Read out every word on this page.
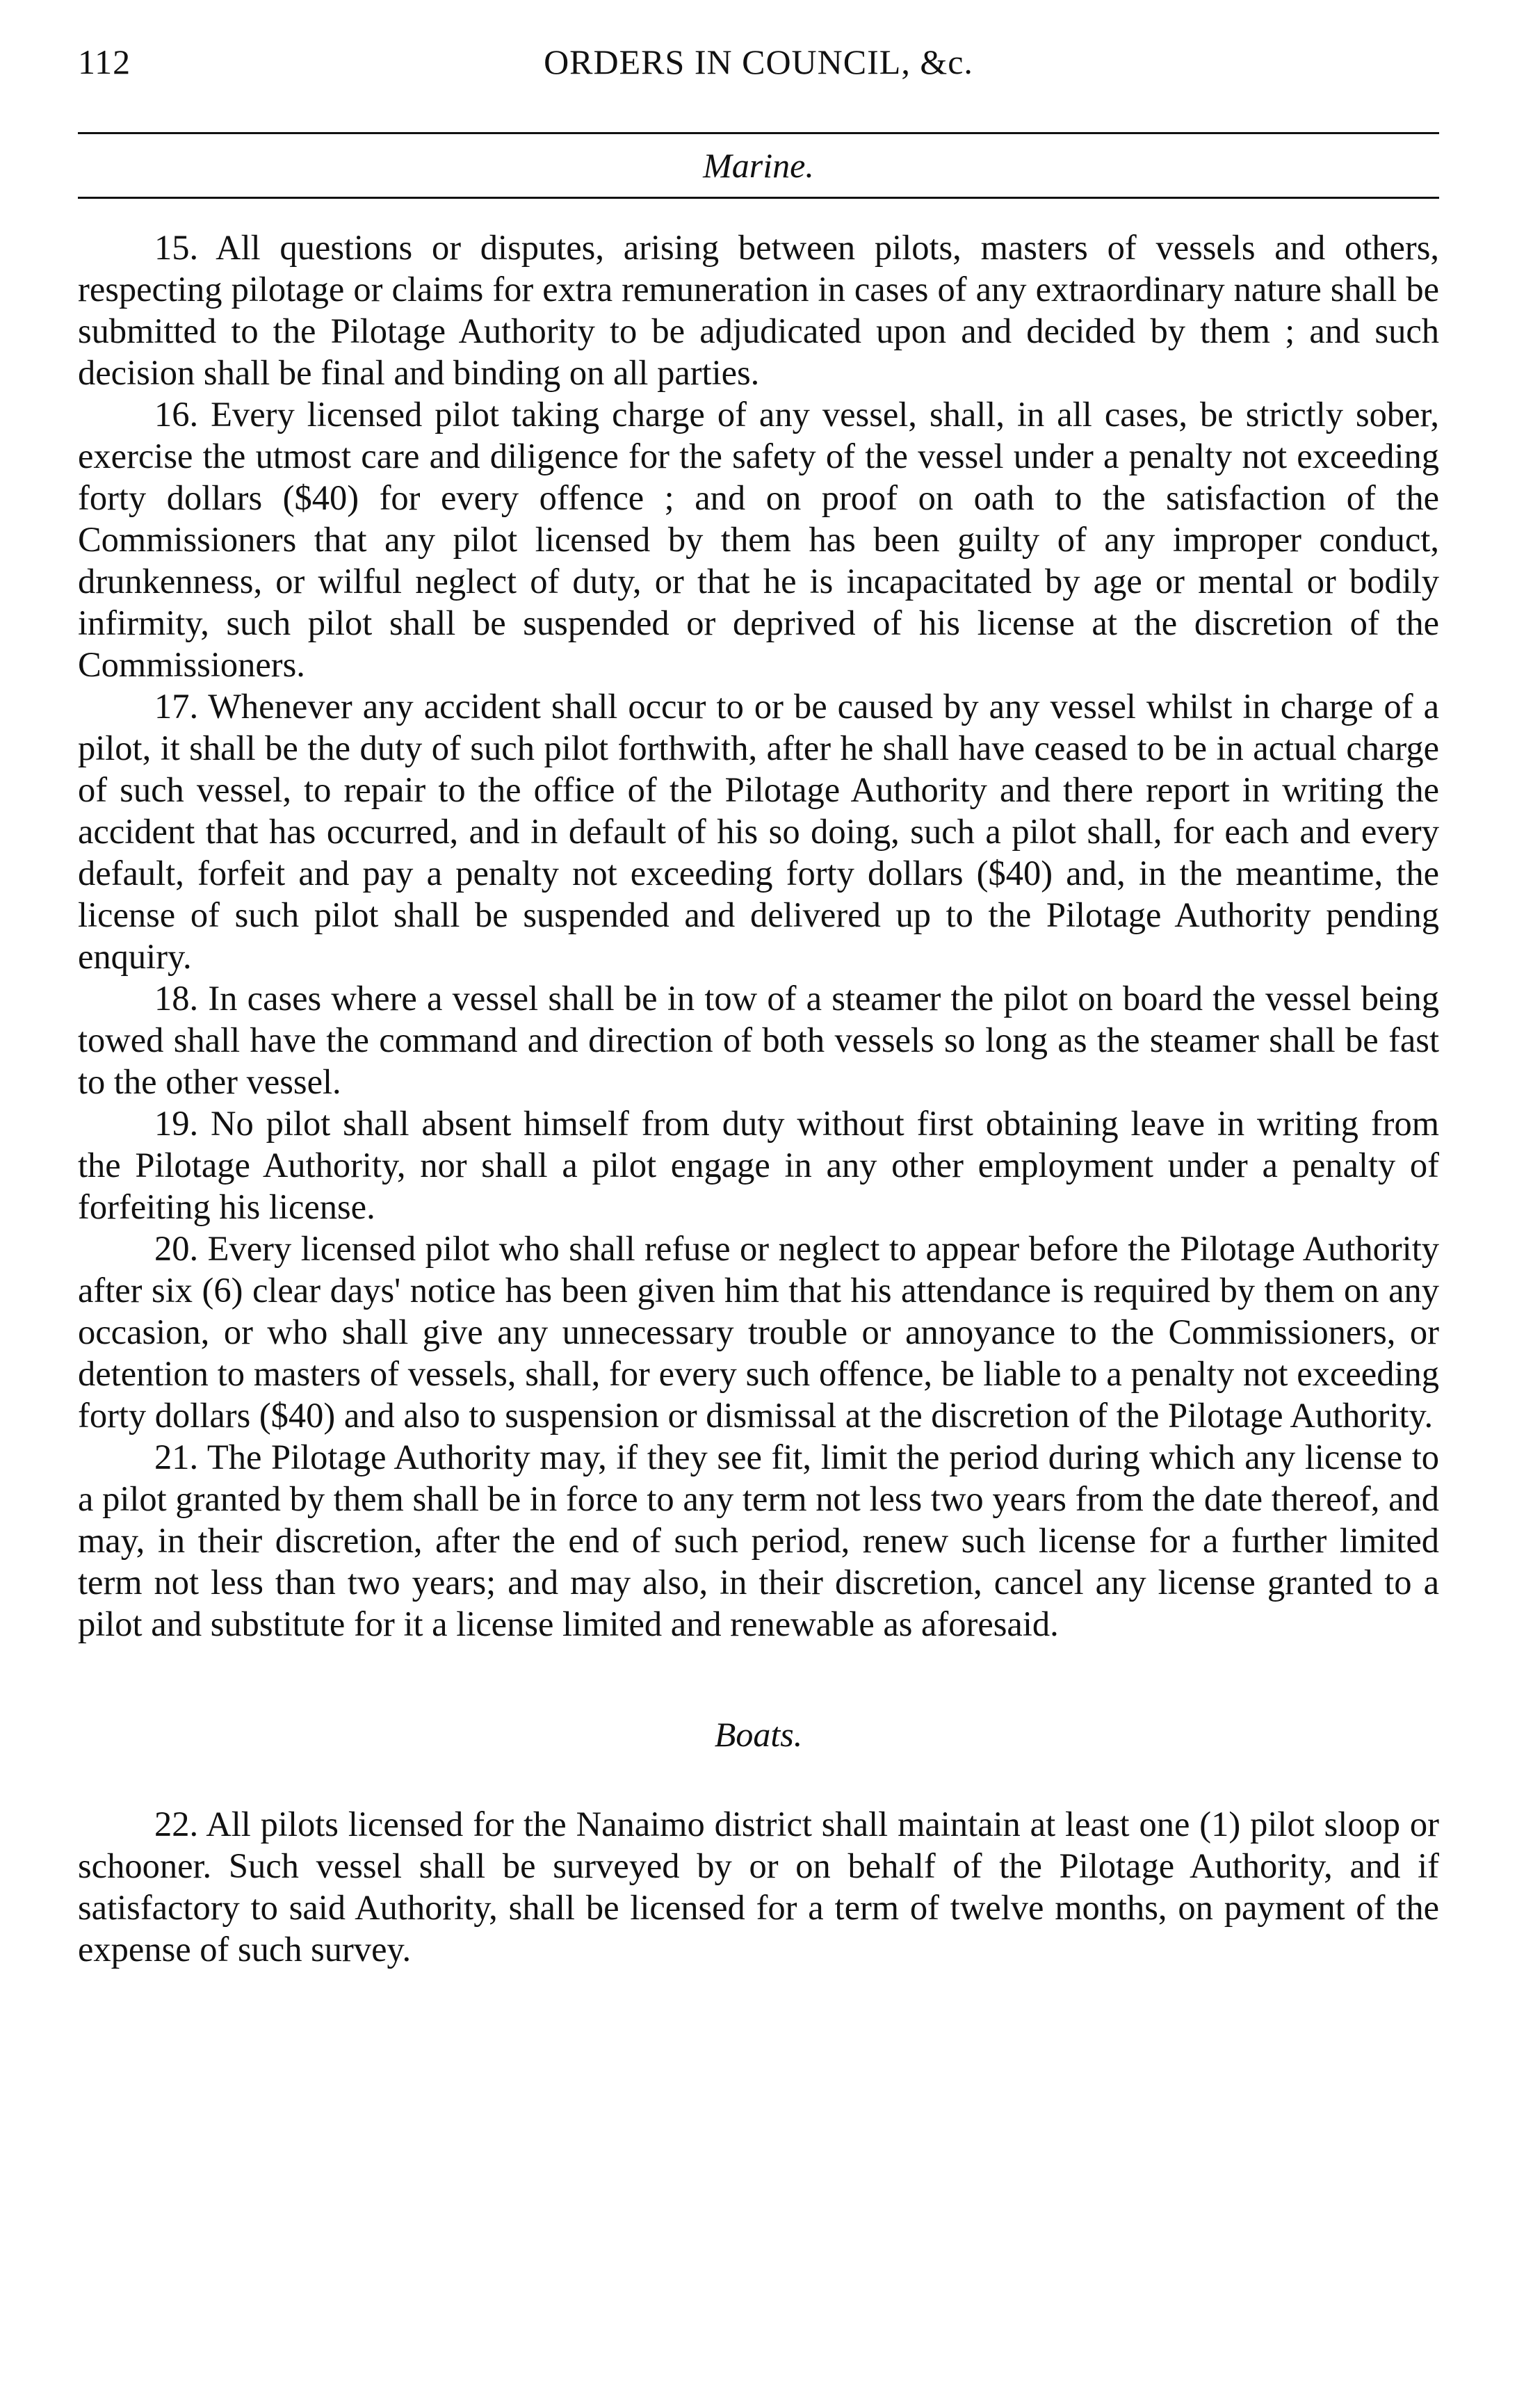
112	ORDERS IN COUNCIL, &c.
Marine.

15. All questions or disputes, arising between pilots, masters of vessels and others, respecting pilotage or claims for extra remuneration in cases of any extraordinary nature shall be submitted to the Pilotage Authority to be adjudicated upon and decided by them ; and such decision shall be final and binding on all parties.

16. Every licensed pilot taking charge of any vessel, shall, in all cases, be strictly sober, exercise the utmost care and diligence for the safety of the vessel under a penalty not exceeding forty dollars ($40) for every offence ; and on proof on oath to the satisfaction of the Commissioners that any pilot licensed by them has been guilty of any improper conduct, drunkenness, or wilful neglect of duty, or that he is incapacitated by age or mental or bodily infirmity, such pilot shall be suspended or deprived of his license at the discretion of the Commissioners.

17. Whenever any accident shall occur to or be caused by any vessel whilst in charge of a pilot, it shall be the duty of such pilot forthwith, after he shall have ceased to be in actual charge of such vessel, to repair to the office of the Pilotage Authority and there report in writing the accident that has occurred, and in default of his so doing, such a pilot shall, for each and every default, forfeit and pay a penalty not exceeding forty dollars ($40) and, in the meantime, the license of such pilot shall be suspended and delivered up to the Pilotage Authority pending enquiry.

18. In cases where a vessel shall be in tow of a steamer the pilot on board the vessel being towed shall have the command and direction of both vessels so long as the steamer shall be fast to the other vessel.

19. No pilot shall absent himself from duty without first obtaining leave in writing from the Pilotage Authority, nor shall a pilot engage in any other employment under a penalty of forfeiting his license.

20. Every licensed pilot who shall refuse or neglect to appear before the Pilotage Authority after six (6) clear days' notice has been given him that his attendance is required by them on any occasion, or who shall give any unnecessary trouble or annoyance to the Commissioners, or detention to masters of vessels, shall, for every such offence, be liable to a penalty not exceeding forty dollars ($40) and also to suspension or dismissal at the discretion of the Pilotage Authority.

21. The Pilotage Authority may, if they see fit, limit the period during which any license to a pilot granted by them shall be in force to any term not less two years from the date thereof, and may, in their discretion, after the end of such period, renew such license for a further limited term not less than two years; and may also, in their discretion, cancel any license granted to a pilot and substitute for it a license limited and renewable as aforesaid.

Boats.

22. All pilots licensed for the Nanaimo district shall maintain at least one (1) pilot sloop or schooner. Such vessel shall be surveyed by or on behalf of the Pilotage Authority, and if satisfactory to said Authority, shall be licensed for a term of twelve months, on payment of the expense of such survey.
